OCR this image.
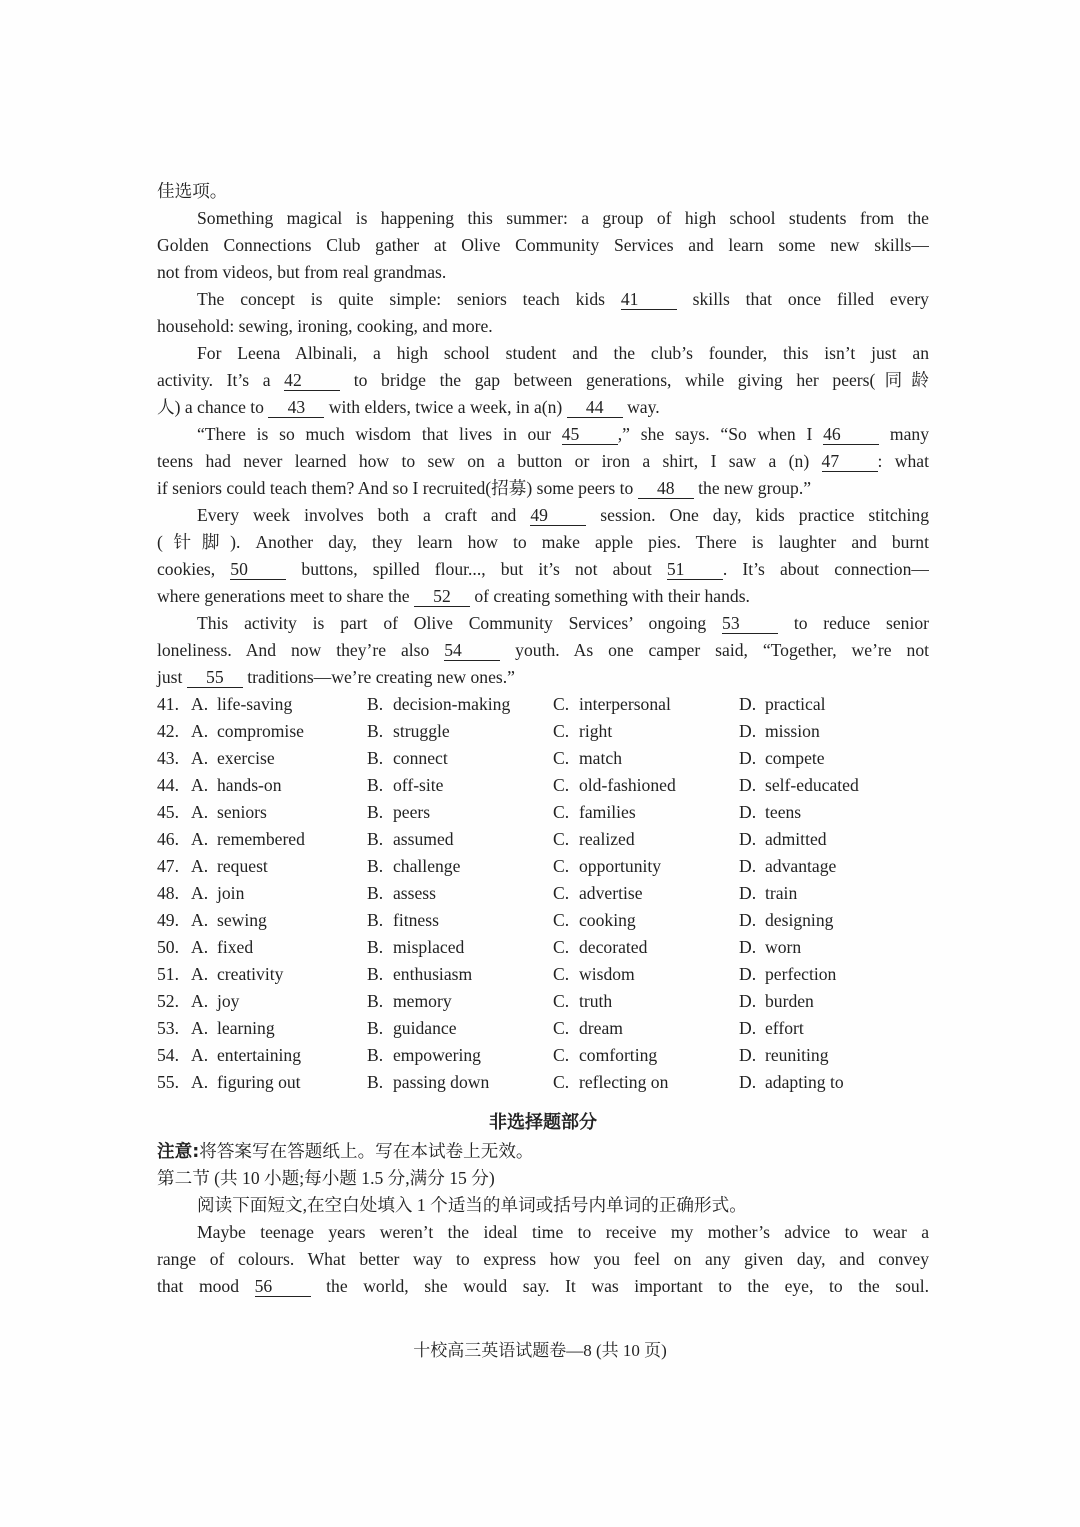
佳选项。
Something magical is happening this summer: a group of high school students from the
Golden Connections Club gather at Olive Community Services and learn some new skills—
not from videos, but from real grandmas.
The concept is quite simple: seniors teach kids 41 skills that once filled every
household: sewing, ironing, cooking, and more.
For Leena Albinali, a high school student and the club’s founder, this isn’t just an
activity. It’s a 42 to bridge the gap between generations, while giving her peers(同龄
人) a chance to 43 with elders, twice a week, in a(n) 44 way.
“There is so much wisdom that lives in our 45 ,” she says. “So when I 46 many
teens had never learned how to sew on a button or iron a shirt, I saw a (n) 47 : what
if seniors could teach them? And so I recruited(招募) some peers to 48 the new group.”
Every week involves both a craft and 49 session. One day, kids practice stitching
(针脚). Another day, they learn how to make apple pies. There is laughter and burnt
cookies, 50 buttons, spilled flour..., but it’s not about 51 . It’s about connection—
where generations meet to share the 52 of creating something with their hands.
This activity is part of Olive Community Services’ ongoing 53 to reduce senior
loneliness. And now they’re also 54 youth. As one camper said, “Together, we’re not
just 55 traditions—we’re creating new ones.”
41. A. life-saving	B. decision-making	C. interpersonal	D. practical
42. A. compromise	B. struggle	C. right	D. mission
43. A. exercise	B. connect	C. match	D. compete
44. A. hands-on	B. off-site	C. old-fashioned	D. self-educated
45. A. seniors	B. peers	C. families	D. teens
46. A. remembered	B. assumed	C. realized	D. admitted
47. A. request	B. challenge	C. opportunity	D. advantage
48. A. join	B. assess	C. advertise	D. train
49. A. sewing	B. fitness	C. cooking	D. designing
50. A. fixed	B. misplaced	C. decorated	D. worn
51. A. creativity	B. enthusiasm	C. wisdom	D. perfection
52. A. joy	B. memory	C. truth	D. burden
53. A. learning	B. guidance	C. dream	D. effort
54. A. entertaining	B. empowering	C. comforting	D. reuniting
55. A. figuring out	B. passing down	C. reflecting on	D. adapting to
非选择题部分
注意:将答案写在答题纸上。写在本试卷上无效。
第二节 (共 10 小题;每小题 1.5 分,满分 15 分)
阅读下面短文,在空白处填入 1 个适当的单词或括号内单词的正确形式。
Maybe teenage years weren’t the ideal time to receive my mother’s advice to wear a
range of colours. What better way to express how you feel on any given day, and convey
that mood 56 the world, she would say. It was important to the eye, to the soul.
十校高三英语试题卷—8 (共 10 页)
